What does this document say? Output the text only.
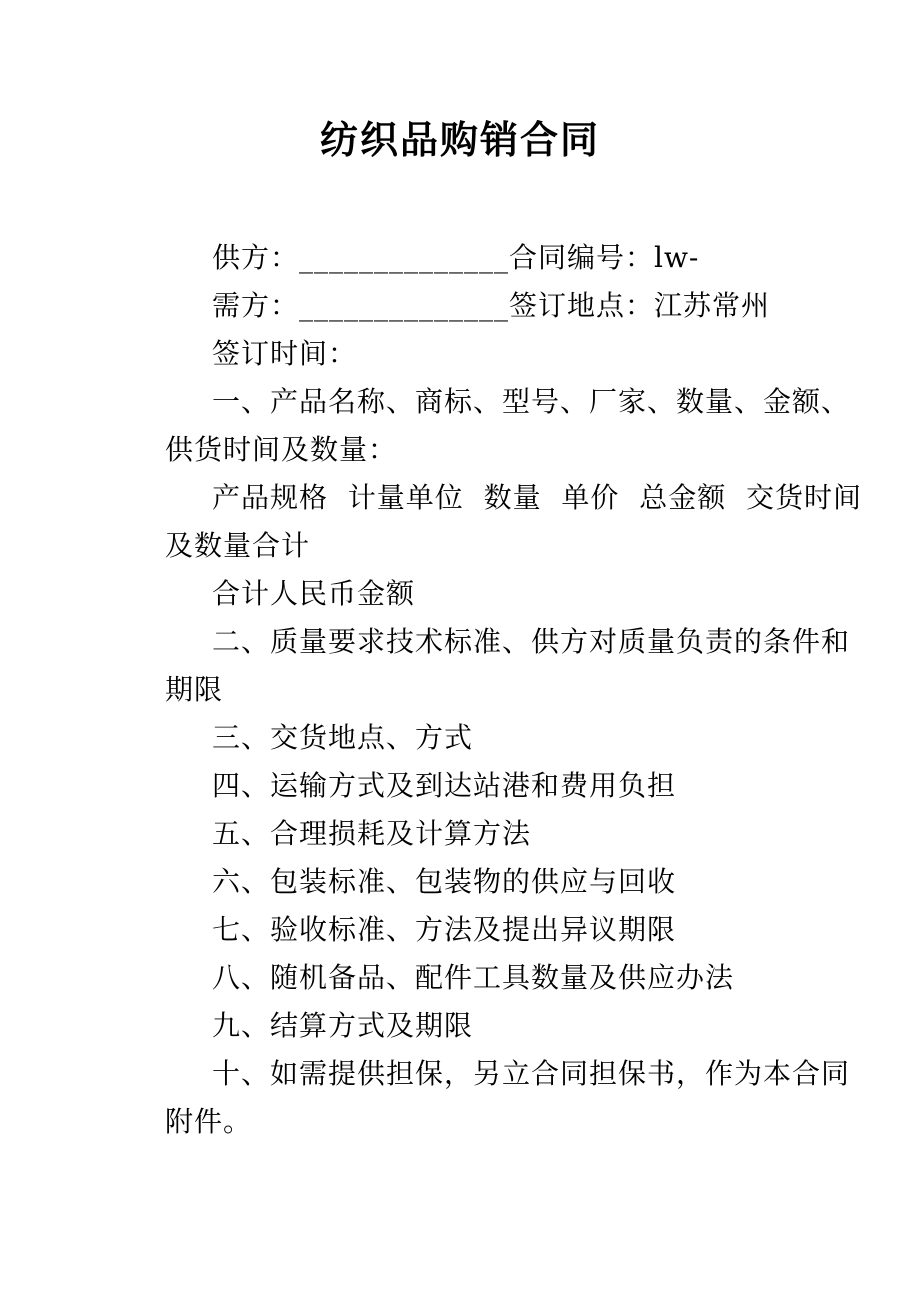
纺织品购销合同
供方：______________合同编号：lw-
需方：______________签订地点：江苏常州
签订时间：
一、产品名称、商标、型号、厂家、数量、金额、
供货时间及数量：
产品规格  计量单位  数量  单价  总金额  交货时间
及数量合计
合计人民币金额
二、质量要求技术标准、供方对质量负责的条件和
期限
三、交货地点、方式
四、运输方式及到达站港和费用负担
五、合理损耗及计算方法
六、包装标准、包装物的供应与回收
七、验收标准、方法及提出异议期限
八、随机备品、配件工具数量及供应办法
九、结算方式及期限
十、如需提供担保，另立合同担保书，作为本合同
附件。
